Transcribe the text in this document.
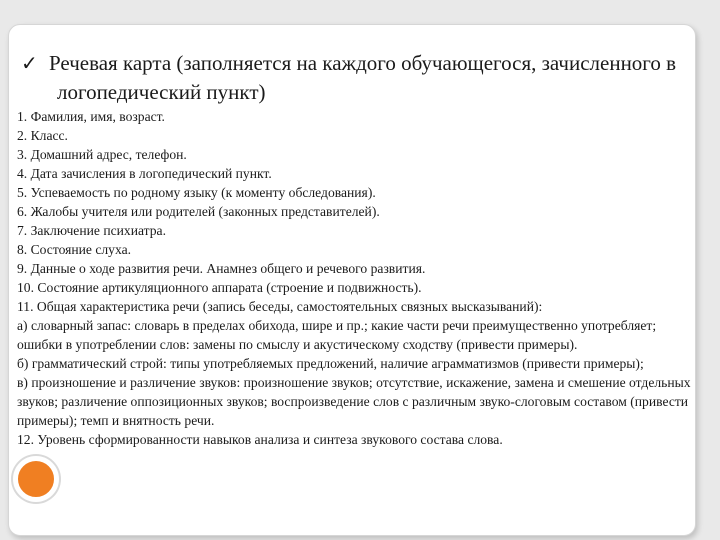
✓ Речевая карта (заполняется на каждого обучающегося, зачисленного в логопедический пункт)
1. Фамилия, имя, возраст.
2. Класс.
3. Домашний адрес, телефон.
4. Дата зачисления в логопедический пункт.
5. Успеваемость по родному языку (к моменту обследования).
6. Жалобы учителя или родителей (законных представителей).
7. Заключение психиатра.
8. Состояние слуха.
9. Данные о ходе развития речи. Анамнез общего и речевого развития.
10. Состояние артикуляционного аппарата (строение и подвижность).
11. Общая характеристика речи (запись беседы, самостоятельных связных высказываний):
а) словарный запас: словарь в пределах обихода, шире и пр.; какие части речи преимущественно употребляет; ошибки в употреблении слов: замены по смыслу и акустическому сходству (привести примеры).
б) грамматический строй: типы употребляемых предложений, наличие аграмматизмов (привести примеры);
в) произношение и различение звуков: произношение звуков; отсутствие, искажение, замена и смешение отдельных звуков; различение оппозиционных звуков; воспроизведение слов с различным звуко-слоговым составом (привести примеры); темп и внятность речи.
12. Уровень сформированности навыков анализа и синтеза звукового состава слова.
